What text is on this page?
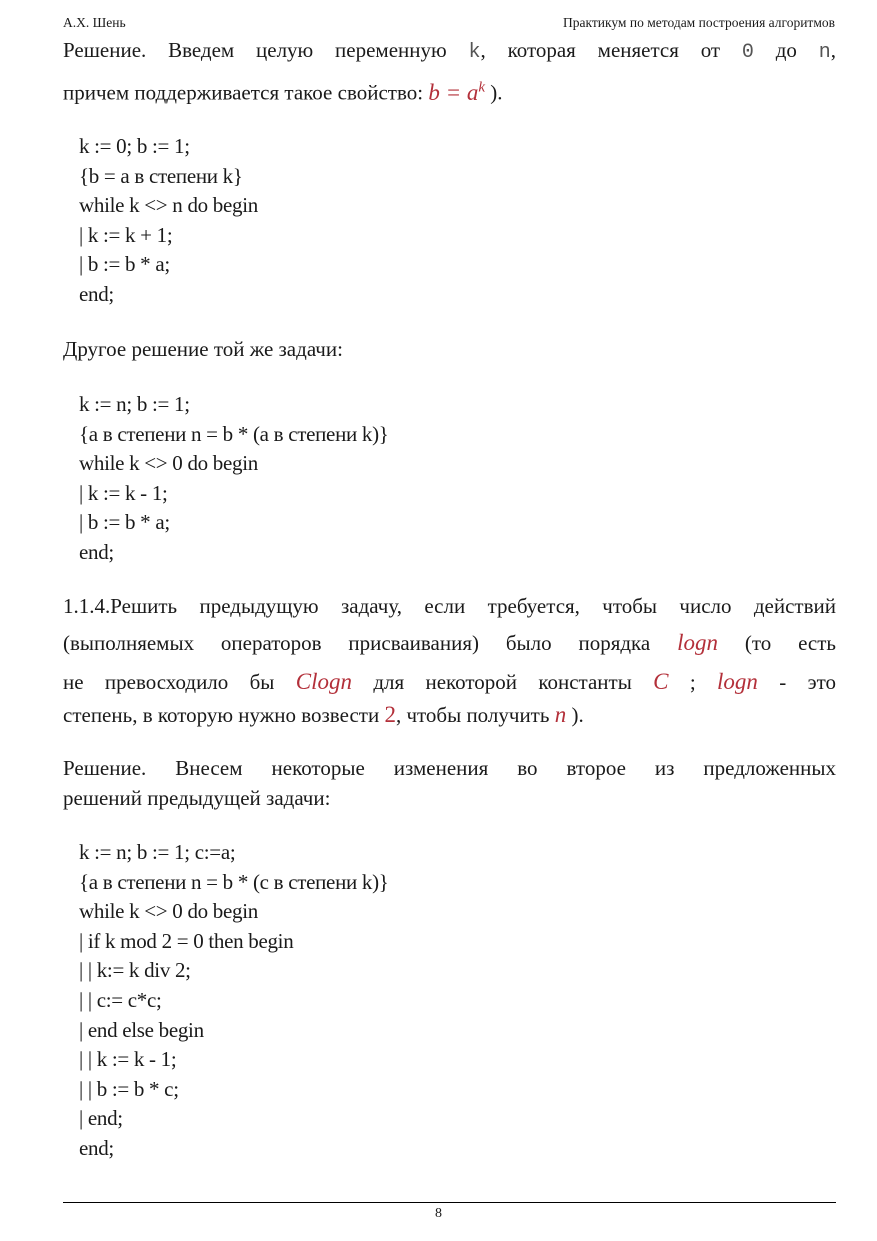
А.Х. Шень	Практикум по методам построения алгоритмов
Решение. Введем целую переменную k, которая меняется от 0 до n,
причем поддерживается такое свойство: $b = a^k$ ).
k := 0; b := 1;
{b = a в степени k}
while k <> n do begin
| k := k + 1;
| b := b * a;
end;
Другое решение той же задачи:
k := n; b := 1;
{a в степени n = b * (a в степени k)}
while k <> 0 do begin
| k := k - 1;
| b := b * a;
end;
1.1.4.Решить предыдущую задачу, если требуется, чтобы число действий
(выполняемых операторов присваивания) было порядка logn (то есть
не превосходило бы Clogn для некоторой константы C ; logn - это
степень, в которую нужно возвести 2, чтобы получить n ).
Решение. Внесем некоторые изменения во второе из предложенных
решений предыдущей задачи:
k := n; b := 1; c:=a;
{a в степени n = b * (c в степени k)}
while k <> 0 do begin
| if k mod 2 = 0 then begin
| | k:= k div 2;
| | c:= c*c;
| end else begin
| | k := k - 1;
| | b := b * c;
| end;
end;
8
